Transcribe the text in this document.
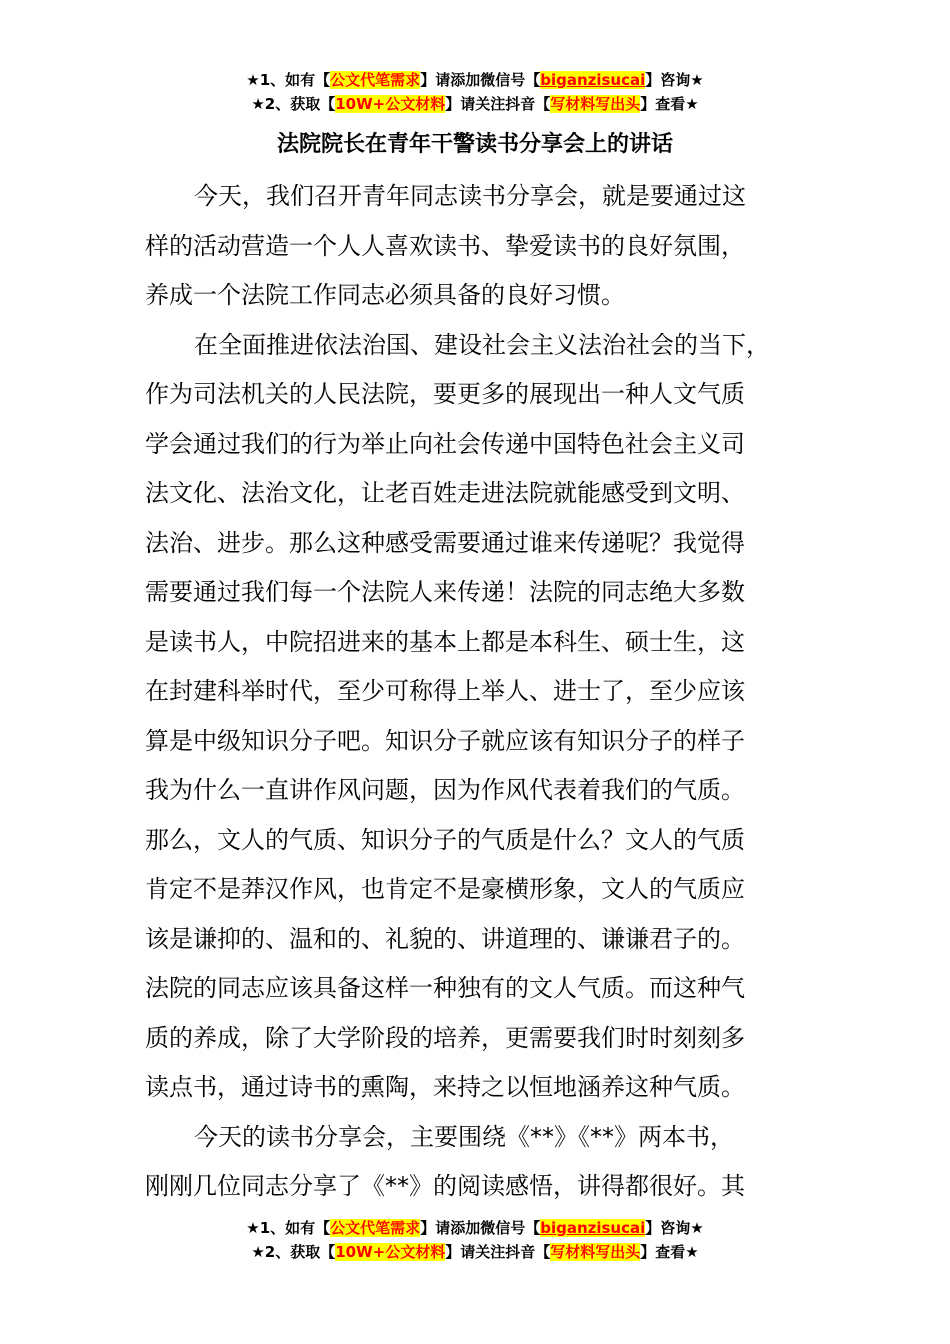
★1、如有【公文代笔需求】请添加微信号【biganzisucai】咨询★
★2、获取【10W+公文材料】请关注抖音【写材料写出头】查看★
法院院长在青年干警读书分享会上的讲话
今天，我们召开青年同志读书分享会，就是要通过这
样的活动营造一个人人喜欢读书、挚爱读书的良好氛围，
养成一个法院工作同志必须具备的良好习惯。
在全面推进依法治国、建设社会主义法治社会的当下，
作为司法机关的人民法院，要更多的展现出一种人文气质
学会通过我们的行为举止向社会传递中国特色社会主义司
法文化、法治文化，让老百姓走进法院就能感受到文明、
法治、进步。那么这种感受需要通过谁来传递呢？我觉得
需要通过我们每一个法院人来传递！法院的同志绝大多数
是读书人，中院招进来的基本上都是本科生、硕士生，这
在封建科举时代，至少可称得上举人、进士了，至少应该
算是中级知识分子吧。知识分子就应该有知识分子的样子
我为什么一直讲作风问题，因为作风代表着我们的气质。
那么，文人的气质、知识分子的气质是什么？文人的气质
肯定不是莽汉作风，也肯定不是豪横形象，文人的气质应
该是谦抑的、温和的、礼貌的、讲道理的、谦谦君子的。
法院的同志应该具备这样一种独有的文人气质。而这种气
质的养成，除了大学阶段的培养，更需要我们时时刻刻多
读点书，通过诗书的熏陶，来持之以恒地涵养这种气质。
今天的读书分享会，主要围绕《**》《**》两本书，
刚刚几位同志分享了《**》的阅读感悟，讲得都很好。其
★1、如有【公文代笔需求】请添加微信号【biganzisucai】咨询★
★2、获取【10W+公文材料】请关注抖音【写材料写出头】查看★
